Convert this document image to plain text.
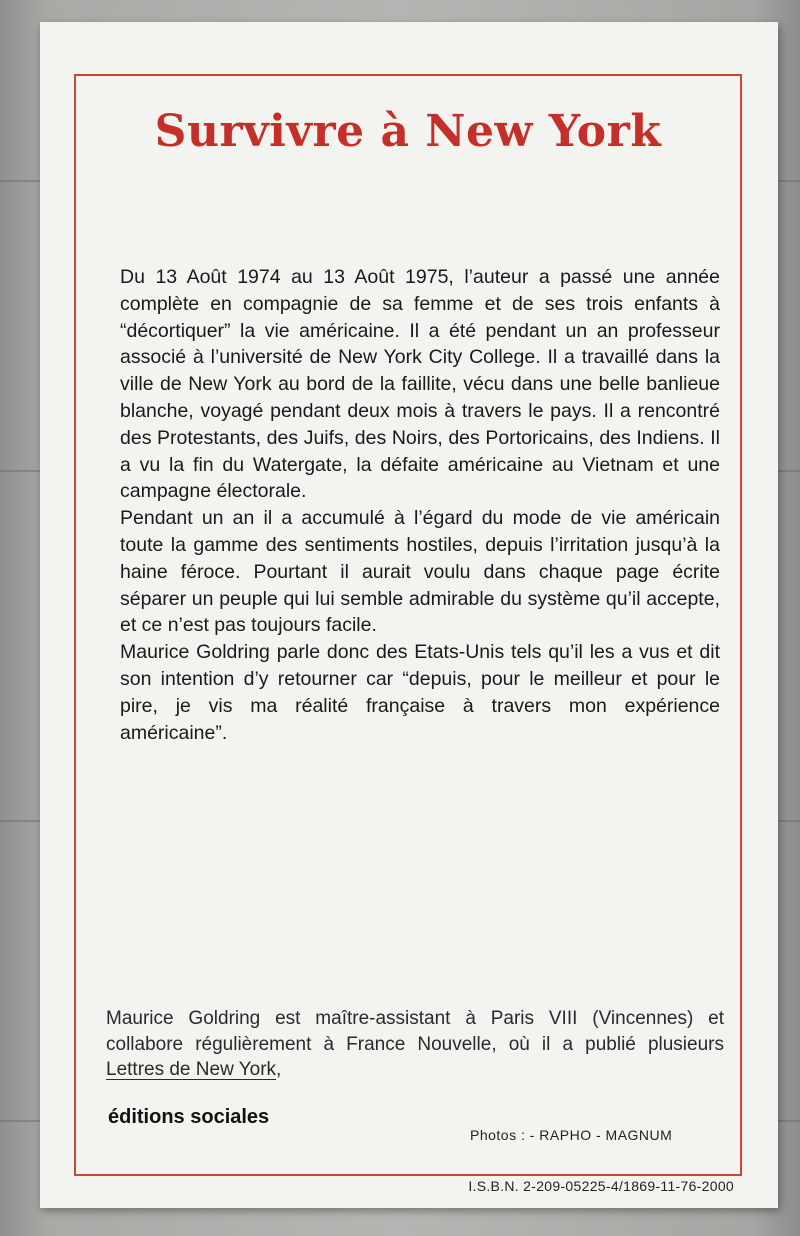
Survivre à New York

Du 13 Août 1974 au 13 Août 1975, l’auteur a passé une année complète en compagnie de sa femme et de ses trois enfants à “décortiquer” la vie américaine. Il a été pendant un an professeur associé à l’université de New York City College. Il a travaillé dans la ville de New York au bord de la faillite, vécu dans une belle banlieue blanche, voyagé pendant deux mois à travers le pays. Il a rencontré des Protestants, des Juifs, des Noirs, des Portoricains, des Indiens. Il a vu la fin du Watergate, la défaite américaine au Vietnam et une campagne électorale.

Pendant un an il a accumulé à l’égard du mode de vie américain toute la gamme des sentiments hostiles, depuis l’irritation jusqu’à la haine féroce. Pourtant il aurait voulu dans chaque page écrite séparer un peuple qui lui semble admirable du système qu’il accepte, et ce n’est pas toujours facile.

Maurice Goldring parle donc des Etats-Unis tels qu’il les a vus et dit son intention d’y retourner car “depuis, pour le meilleur et pour le pire, je vis ma réalité française à travers mon expérience américaine”.

Maurice Goldring est maître-assistant à Paris VIII (Vincennes) et collabore régulièrement à France Nouvelle, où il a publié plusieurs Lettres de New York,

éditions sociales
Photos : - RAPHO - MAGNUM
I.S.B.N. 2-209-05225-4/1869-11-76-2000
